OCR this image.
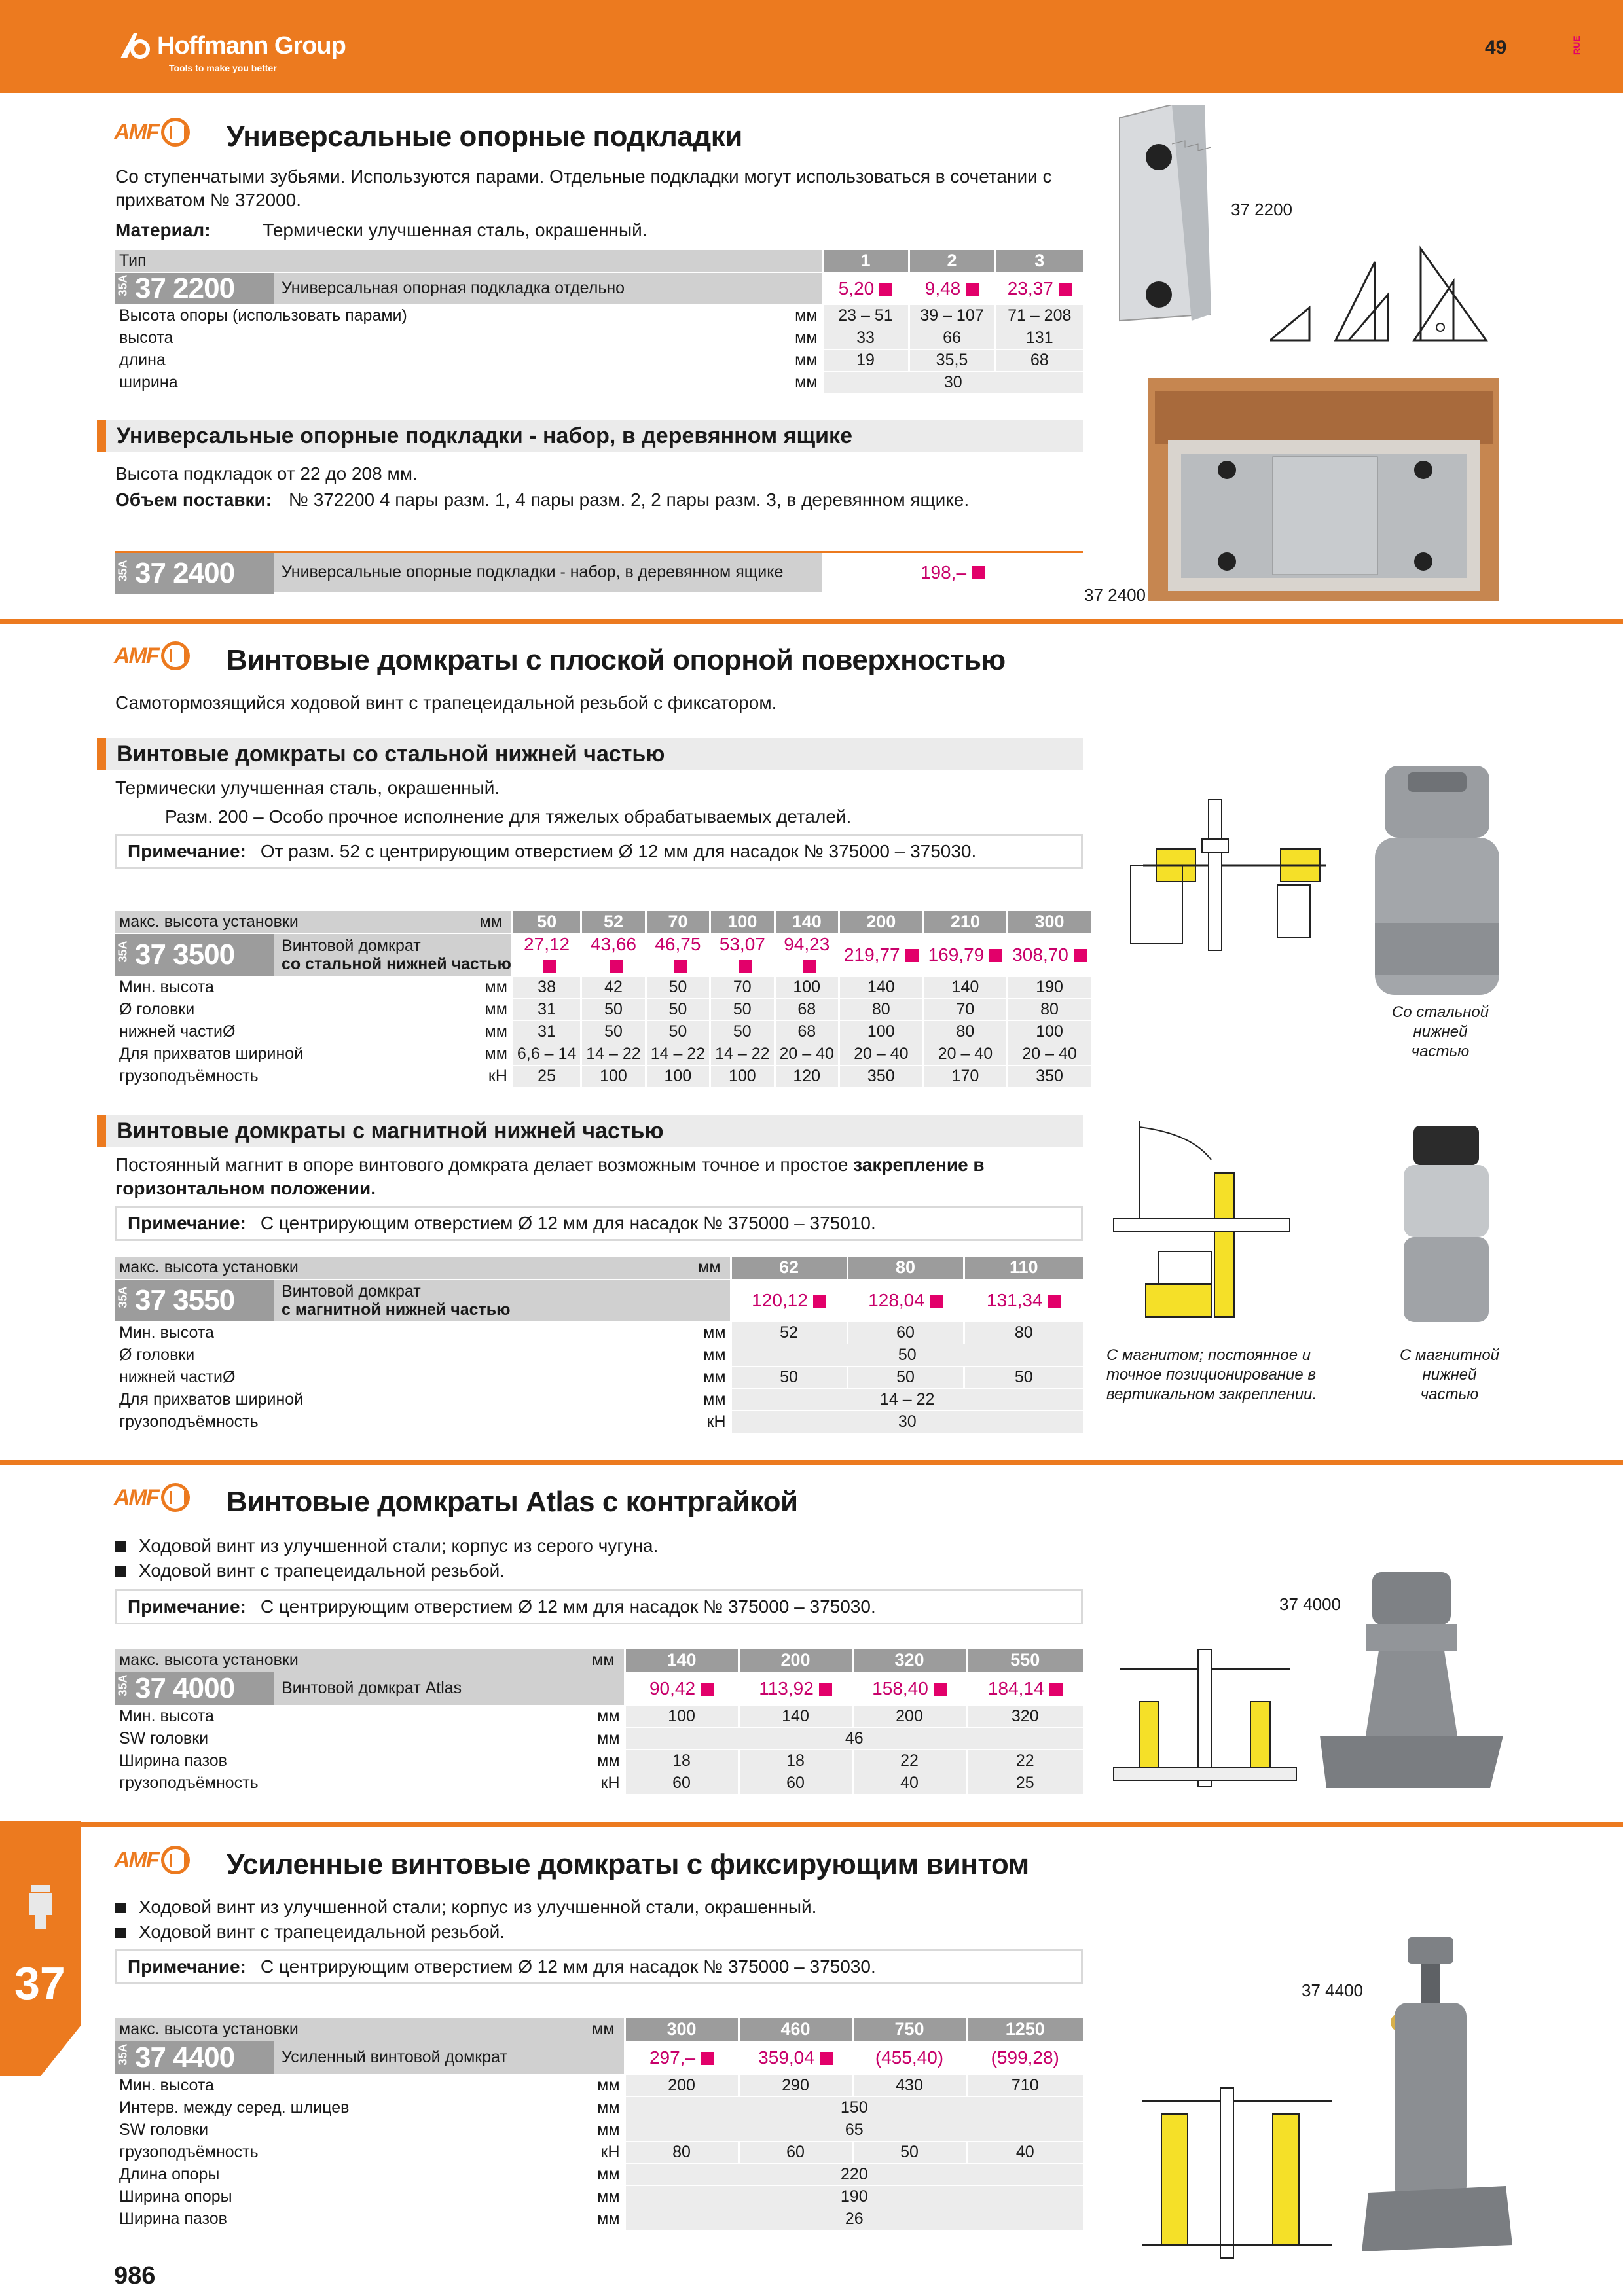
Hoffmann Group
Tools to make you better
49	RUE
AMF Универсальные опорные подкладки
Со ступенчатыми зубьями. Используются парами. Отдельные подкладки могут использоваться в сочетании с прихватом № 372000.
Материал:	Термически улучшенная сталь, окрашенный.
Тип	1	2	3

35A 37 2200 Универсальная опорная подкладка отдельно	5,20	9,48	23,37
Высота опоры (использовать парами) мм	23 – 51	39 – 107	71 – 208
высота мм	33	66	131
длина мм	19	35,5	68
ширина мм	30		
37 2200
Универсальные опорные подкладки - набор, в деревянном ящике
Высота подкладок от 22 до 208 мм.
Объем поставки: № 372200 4 пары разм. 1, 4 пары разм. 2, 2 пары разм. 3, в деревянном ящике.
35A 37 2400	Универсальные опорные подкладки - набор, в деревянном ящике	198,–
37 2400
AMF Винтовые домкраты с плоской опорной поверхностью
Самотормозящийся ходовой винт с трапецеидальной резьбой с фиксатором.
Винтовые домкраты со стальной нижней частью
Термически улучшенная сталь, окрашенный.
Разм. 200 – Особо прочное исполнение для тяжелых обрабатываемых деталей.
Примечание: От разм. 52 с центрирующим отверстием Ø 12 мм для насадок № 375000 – 375030.
макс. высота установки мм	50	52	70	100	140	200	210	300

35A 37 3500 Винтовой домкрат
со стальной нижней частью	27,12	43,66	46,75	53,07	94,23	219,77	169,79	308,70
Мин. высота мм	38	42	50	70	100	140	140	190
Ø головки мм	31	50	50	50	68	80	70	80
нижней частиØ мм	31	50	50	50	68	100	80	100
Для прихватов шириной мм	6,6 – 14	14 – 22	14 – 22	14 – 22	20 – 40	20 – 40	20 – 40	20 – 40
грузоподъёмность кН	25	100	100	100	120	350	170	350
Со стальной нижней частью
Винтовые домкраты с магнитной нижней частью
Постоянный магнит в опоре винтового домкрата делает возможным точное и простое закрепление в горизонтальном положении.
Примечание: С центрирующим отверстием Ø 12 мм для насадок № 375000 – 375010.
макс. высота установки мм	62	80	110

35A 37 3550 Винтовой домкрат
с магнитной нижней частью	120,12	128,04	131,34
Мин. высота мм	52	60	80
Ø головки мм	50		
нижней частиØ мм	50	50	50
Для прихватов шириной мм	14 – 22		
грузоподъёмность кН	30		
С магнитом; постоянное и точное позиционирование в вертикальном закреплении.
С магнитной нижней частью
AMF Винтовые домкраты Atlas с контргайкой
Ходовой винт из улучшенной стали; корпус из серого чугуна.
Ходовой винт с трапецеидальной резьбой.
Примечание: С центрирующим отверстием Ø 12 мм для насадок № 375000 – 375030.
макс. высота установки мм	140	200	320	550

35A 37 4000 Винтовой домкрат Atlas	90,42	113,92	158,40	184,14
Мин. высота мм	100	140	200	320
SW головки мм	46			
Ширина пазов мм	18	18	22	22
грузоподъёмность кН	60	60	40	25
37 4000
37
AMF Усиленные винтовые домкраты с фиксирующим винтом
Ходовой винт из улучшенной стали; корпус из улучшенной стали, окрашенный.
Ходовой винт с трапецеидальной резьбой.
Примечание: С центрирующим отверстием Ø 12 мм для насадок № 375000 – 375030.
макс. высота установки мм	300	460	750	1250

35A 37 4400 Усиленный винтовой домкрат	297,–	359,04	(455,40)	(599,28)
Мин. высота мм	200	290	430	710
Интерв. между серед. шлицев мм	150			
SW головки мм	65			
грузоподъёмность кН	80	60	50	40
Длина опоры мм	220			
Ширина опоры мм	190			
Ширина пазов мм	26			
37 4400
986
